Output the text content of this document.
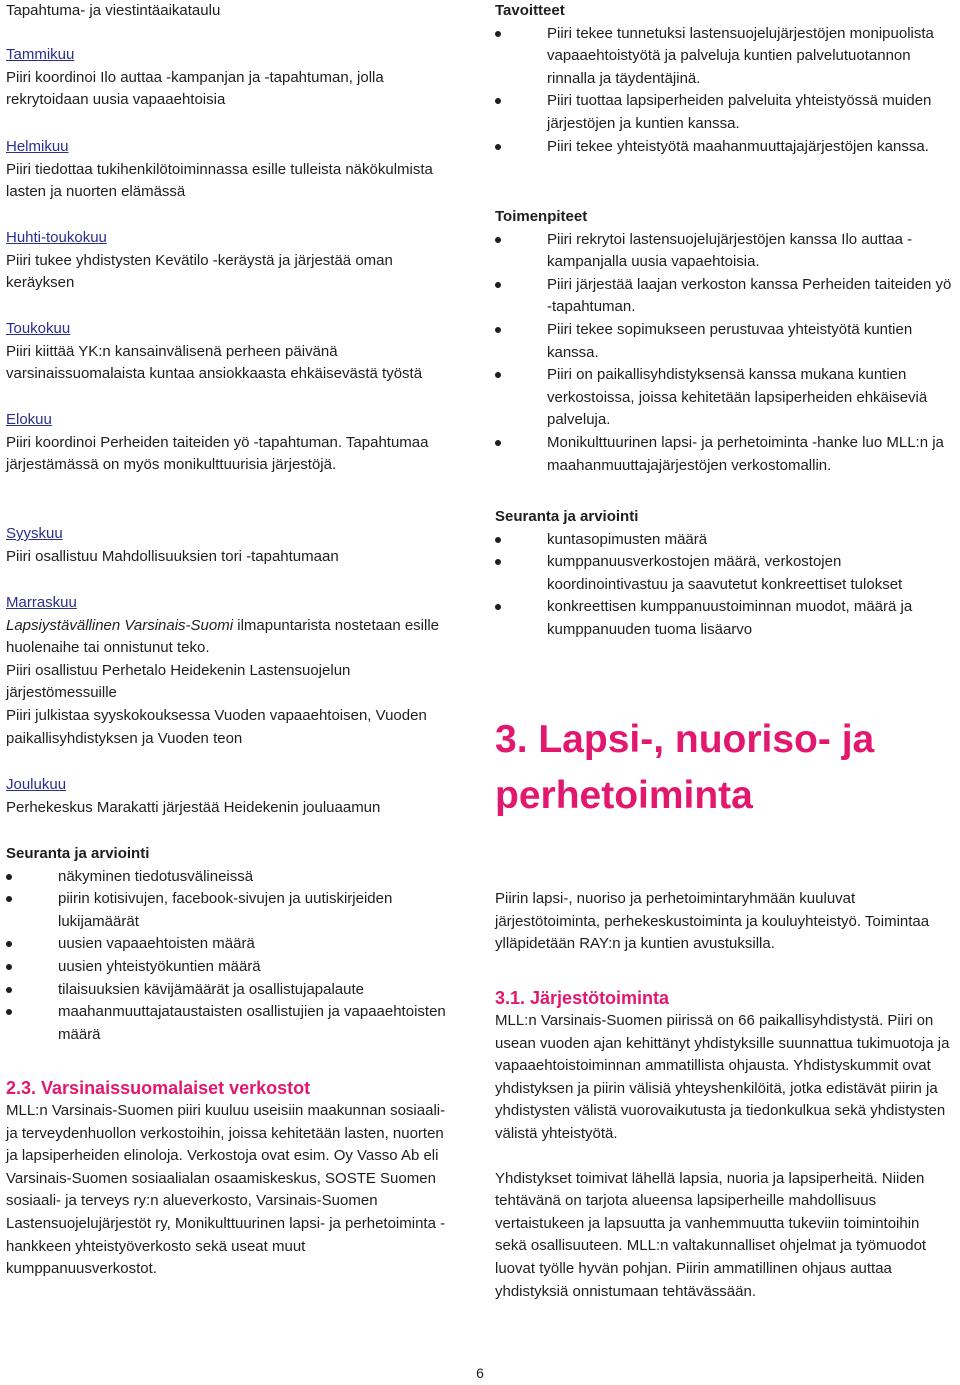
Tapahtuma- ja viestintäaikataulu

Tammikuu

Piiri koordinoi Ilo auttaa -kampanjan ja -tapahtuman, jolla rekrytoidaan uusia vapaaehtoisia

Helmikuu

Piiri tiedottaa tukihenkilötoiminnassa esille tulleista näkökulmista lasten ja nuorten elämässä

Huhti-toukokuu

Piiri tukee yhdistysten Kevätilo -keräystä ja järjestää oman keräyksen

Toukokuu

Piiri kiittää YK:n kansainvälisenä perheen päivänä varsinaissuomalaista kuntaa ansiokkaasta ehkäisevästä työstä

Elokuu

Piiri koordinoi Perheiden taiteiden yö -tapahtuman. Tapahtumaa järjestämässä on myös monikulttuurisia järjestöjä.

Syyskuu

Piiri osallistuu Mahdollisuuksien tori -tapahtumaan

Marraskuu

Lapsiystävällinen Varsinais-Suomi ilmapuntarista nostetaan esille huolenaihe tai onnistunut teko.

Piiri osallistuu Perhetalo Heidekenin Lastensuojelun järjestömessuille

Piiri julkistaa syyskokouksessa Vuoden vapaaehtoisen, Vuoden paikallisyhdistyksen ja Vuoden teon

Joulukuu

Perhekeskus Marakatti järjestää Heidekenin jouluaamun

Seuranta ja arviointi

näkyminen tiedotusvälineissä
piirin kotisivujen, facebook-sivujen ja uutiskirjeiden lukijamäärät
uusien vapaaehtoisten määrä
uusien yhteistyökuntien määrä
tilaisuuksien kävijämäärät ja osallistujapalaute
maahanmuuttajataustaisten osallistujien ja vapaaehtoisten määrä

2.3. Varsinaissuomalaiset verkostot

MLL:n Varsinais-Suomen piiri kuuluu useisiin maakunnan sosiaali- ja terveydenhuollon verkostoihin, joissa kehitetään lasten, nuorten ja lapsiperheiden elinoloja. Verkostoja ovat esim. Oy Vasso Ab eli Varsinais-Suomen sosiaalialan osaamiskeskus, SOSTE Suomen sosiaali- ja terveys ry:n alueverkosto, Varsinais-Suomen Lastensuojelujärjestöt ry, Monikulttuurinen lapsi- ja perhetoiminta -hankkeen yhteistyöverkosto sekä useat muut kumppanuusverkostot.

Tavoitteet

Piiri tekee tunnetuksi lastensuojelujärjestöjen monipuolista vapaaehtoistyötä ja palveluja kuntien palvelutuotannon rinnalla ja täydentäjinä.
Piiri tuottaa lapsiperheiden palveluita yhteistyössä muiden järjestöjen ja kuntien kanssa.
Piiri tekee yhteistyötä maahanmuuttajajärjestöjen kanssa.

Toimenpiteet

Piiri rekrytoi lastensuojelujärjestöjen kanssa Ilo auttaa -kampanjalla uusia vapaehtoisia.
Piiri järjestää laajan verkoston kanssa Perheiden taiteiden yö -tapahtuman.
Piiri tekee sopimukseen perustuvaa yhteistyötä kuntien kanssa.
Piiri on paikallisyhdistyksensä kanssa mukana kuntien verkostoissa, joissa kehitetään lapsiperheiden ehkäiseviä palveluja.
Monikulttuurinen lapsi- ja perhetoiminta -hanke luo MLL:n ja maahanmuuttajajärjestöjen verkostomallin.

Seuranta ja arviointi

kuntasopimusten määrä
kumppanuusverkostojen määrä, verkostojen koordinointivastuu ja saavutetut konkreettiset tulokset
konkreettisen kumppanuustoiminnan muodot, määrä ja kumppanuuden tuoma lisäarvo

3. Lapsi-, nuoriso- ja perhetoiminta

Piirin lapsi-, nuoriso ja perhetoimintaryhmään kuuluvat järjestötoiminta, perhekeskustoiminta ja kouluyhteistyö. Toimintaa ylläpidetään RAY:n ja kuntien avustuksilla.

3.1. Järjestötoiminta

MLL:n Varsinais-Suomen piirissä on 66 paikallisyhdistystä. Piiri on usean vuoden ajan kehittänyt yhdistyksille suunnattua tukimuotoja ja vapaaehtoistoiminnan ammatillista ohjausta. Yhdistyskummit ovat yhdistyksen ja piirin välisiä yhteyshenkilöitä, jotka edistävät piirin ja yhdistysten välistä vuorovaikutusta ja tiedonkulkua sekä yhdistysten välistä yhteistyötä.

Yhdistykset toimivat lähellä lapsia, nuoria ja lapsiperheitä. Niiden tehtävänä on tarjota alueensa lapsiperheille mahdollisuus vertaistukeen ja lapsuutta ja vanhemmuutta tukeviin toimintoihin sekä osallisuuteen. MLL:n valtakunnalliset ohjelmat ja työmuodot luovat työlle hyvän pohjan. Piirin ammatillinen ohjaus auttaa yhdistyksiä onnistumaan tehtävässään.

6
